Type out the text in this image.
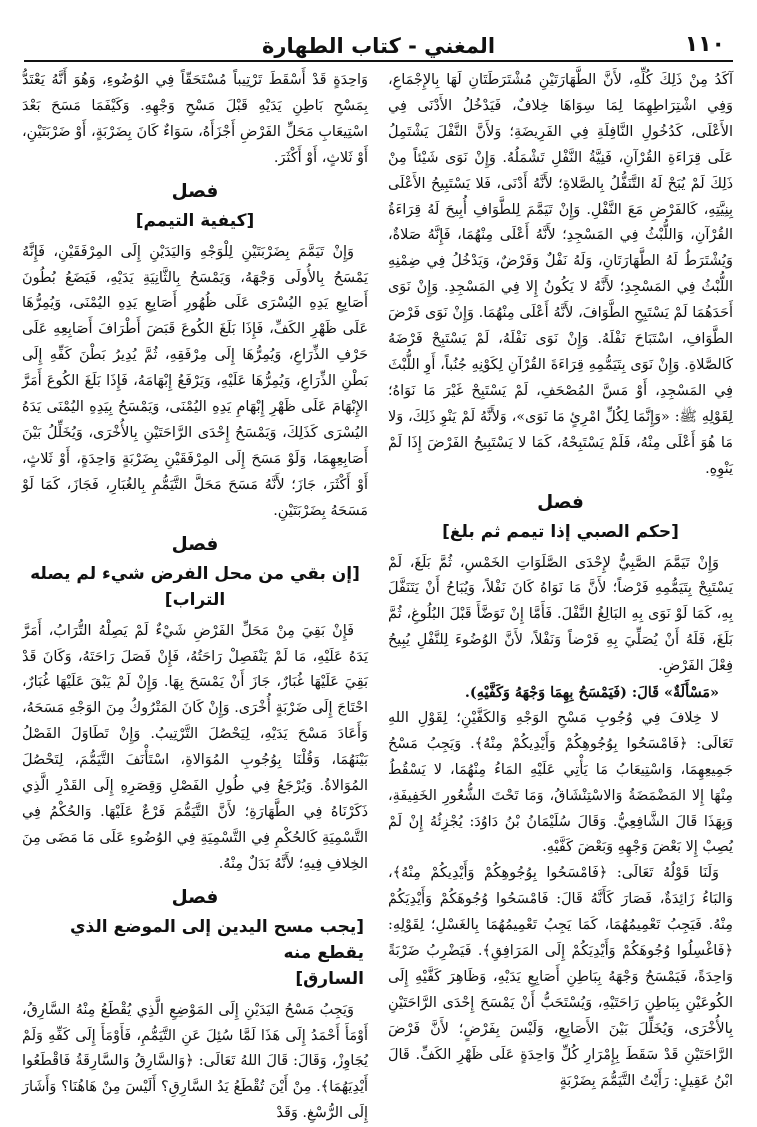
١١٠
المغني - كتاب الطهارة

آكَدُ مِنْ ذَلِكَ كُلِّهِ، لأَنَّ الطَّهَارَتَيْنِ مُشْتَرَطَتَانِ لَهَا بِالإِجْمَاعِ، وَفِي اشْتِرَاطِهِمَا لِمَا سِوَاهَا خِلافٌ، فَيَدْخُلُ الأَدْنَى فِي الأَعْلَى، كَدُخُولِ النَّافِلَةِ فِي الفَرِيضَةِ؛ وَلأَنَّ النَّفْلَ يَشْتَمِلُ عَلَى قِرَاءَةِ القُرْآنِ، فَنِيَّةُ النَّفْلِ تَشْمَلُهُ. وَإِنْ نَوَى شَيْئاً مِنْ ذَلِكَ لَمْ يُبَحْ لَهُ التَّنَفُّلُ بِالصَّلاةِ؛ لأَنَّهُ أَدْنَى، فَلا يَسْتَبِيحُ الأَعْلَى بِنِيَّتِهِ، كَالفَرْضِ مَعَ النَّفْلِ. وَإِنْ تَيَمَّمَ لِلطَّوَافِ أُبِيحَ لَهُ قِرَاءَةُ القُرْآنِ، وَاللُّبْثُ فِي المَسْجِدِ؛ لأَنَّهُ أَعْلَى مِنْهُمَا، فَإِنَّهُ صَلاةٌ، وَيُشْتَرَطُ لَهُ الطَّهَارَتَانِ، وَلَهُ نَفْلٌ وَفَرْضٌ، وَيَدْخُلُ فِي ضِمْنِهِ اللُّبْثُ فِي المَسْجِدِ؛ لأَنَّهُ لا يَكُونُ إِلا فِي المَسْجِدِ. وَإِنْ نَوَى أَحَدَهُمَا لَمْ يَسْتَبِحِ الطَّوَافَ، لأَنَّهُ أَعْلَى مِنْهُمَا. وَإِنْ نَوَى فَرْضَ الطَّوَافِ، اسْتَبَاحَ نَفْلَهُ. وَإِنْ نَوَى نَفْلَهُ، لَمْ يَسْتَبِحْ فَرْضَهُ كَالصَّلاةِ. وَإِنْ نَوَى بِتَيَمُّمِهِ قِرَاءَةَ القُرْآنِ لِكَوْنِهِ جُنُباً، أَوِ اللُّبْثَ فِي المَسْجِدِ، أَوْ مَسَّ المُصْحَفِ، لَمْ يَسْتَبِحْ غَيْرَ مَا نَوَاهُ؛ لِقَوْلِهِ ﷺ: «وَإِنَّمَا لِكُلِّ امْرِئٍ مَا نَوَى»، وَلأَنَّهُ لَمْ يَنْوِ ذَلِكَ، وَلا مَا هُوَ أَعْلَى مِنْهُ، فَلَمْ يَسْتَبِحْهُ، كَمَا لا يَسْتَبِيحُ الفَرْضَ إِذَا لَمْ يَنْوِهِ.

فصل
[حكم الصبي إذا تيمم ثم بلغ]

وَإِنْ تَيَمَّمَ الصَّبِيُّ لإِحْدَى الصَّلَوَاتِ الخَمْسِ، ثُمَّ بَلَغَ، لَمْ يَسْتَبِحْ بِتَيَمُّمِهِ فَرْضاً؛ لأَنَّ مَا نَوَاهُ كَانَ نَفْلاً، وَيُبَاحُ أَنْ يَتَنَفَّلَ بِهِ، كَمَا لَوْ نَوَى بِهِ البَالِغُ النَّفْلَ. فَأَمَّا إِنْ تَوَضَّأَ قَبْلَ البُلُوغِ، ثُمَّ بَلَغَ، فَلَهُ أَنْ يُصَلِّيَ بِهِ فَرْضاً وَنَفْلاً، لأَنَّ الوُضُوءَ لِلنَّفْلِ يُبِيحُ فِعْلَ الفَرْضِ.

«مَسْأَلَةٌ» قَالَ: (فَيَمْسَحُ بِهِمَا وَجْهَهُ وَكَفَّيْهِ).

لا خِلافَ فِي وُجُوبِ مَسْحِ الوَجْهِ وَالكَفَّيْنِ؛ لِقَوْلِ اللهِ تَعَالَى: ﴿فَامْسَحُوا بِوُجُوهِكُمْ وَأَيْدِيكُمْ مِنْهُ﴾. وَيَجِبُ مَسْحُ جَمِيعِهِمَا، وَاسْتِيعَابُ مَا يَأْتِي عَلَيْهِ المَاءُ مِنْهُمَا، لا يَسْقُطُ مِنْهَا إِلا المَضْمَضَةُ وَالاسْتِنْشَاقُ، وَمَا تَحْتَ الشُّعُورِ الخَفِيفَةِ، وَبِهَذَا قَالَ الشَّافِعِيُّ. وَقَالَ سُلَيْمَانُ بْنُ دَاوُدَ: يُجْزِئُهُ إِنْ لَمْ يُصِبْ إِلا بَعْضَ وَجْهِهِ وَبَعْضَ كَفَّيْهِ.

وَلَنَا قَوْلُهُ تَعَالَى: ﴿فَامْسَحُوا بِوُجُوهِكُمْ وَأَيْدِيكُمْ مِنْهُ﴾، وَالبَاءُ زَائِدَةٌ، فَصَارَ كَأَنَّهُ قَالَ: فَامْسَحُوا وُجُوهَكُمْ وَأَيْدِيَكُمْ مِنْهُ. فَيَجِبُ تَعْمِيمُهُمَا، كَمَا يَجِبُ تَعْمِيمُهُمَا بِالغَسْلِ؛ لِقَوْلِهِ: ﴿فَاغْسِلُوا وُجُوهَكُمْ وَأَيْدِيَكُمْ إِلَى المَرَافِقِ﴾. فَيَضْرِبُ ضَرْبَةً وَاحِدَةً، فَيَمْسَحُ وَجْهَهُ بِبَاطِنِ أَصَابِعِ يَدَيْهِ، وَظَاهِرَ كَفَّيْهِ إِلَى الكُوعَيْنِ بِبَاطِنِ رَاحَتَيْهِ، وَيُسْتَحَبُّ أَنْ يَمْسَحَ إِحْدَى الرَّاحَتَيْنِ بِالأُخْرَى، وَيُخَلِّلَ بَيْنَ الأَصَابِعِ، وَلَيْسَ بِفَرْضٍ؛ لأَنَّ فَرْضَ الرَّاحَتَيْنِ قَدْ سَقَطَ بِإِمْرَارِ كُلِّ وَاحِدَةٍ عَلَى ظَهْرِ الكَفِّ. قَالَ ابْنُ عَقِيلٍ: رَأَيْتُ التَّيَمُّمَ بِضَرْبَةٍ

وَاحِدَةٍ قَدْ أَسْقَطَ تَرْتِيباً مُسْتَحَقّاً فِي الوُضُوءِ، وَهُوَ أَنَّهُ يَعْتَدُّ بِمَسْحِ بَاطِنِ يَدَيْهِ قَبْلَ مَسْحِ وَجْهِهِ. وَكَيْفَمَا مَسَحَ بَعْدَ اسْتِيعَابِ مَحَلِّ الفَرْضِ أَجْزَأَهُ، سَوَاءٌ كَانَ بِضَرْبَةٍ، أَوْ ضَرْبَتَيْنِ، أَوْ ثَلاثٍ، أَوْ أَكْثَرَ.

فصل
[كيفية التيمم]

وَإِنْ تَيَمَّمَ بِضَرْبَتَيْنِ لِلْوَجْهِ وَاليَدَيْنِ إِلَى المِرْفَقَيْنِ، فَإِنَّهُ يَمْسَحُ بِالأُولَى وَجْهَهُ، وَيَمْسَحُ بِالثَّانِيَةِ يَدَيْهِ، فَيَضَعُ بُطُونَ أَصَابِعِ يَدِهِ اليُسْرَى عَلَى ظُهُورِ أَصَابِعِ يَدِهِ اليُمْنَى، وَيُمِرُّهَا عَلَى ظَهْرِ الكَفِّ، فَإِذَا بَلَغَ الكُوعَ قَبَضَ أَطْرَافَ أَصَابِعِهِ عَلَى حَرْفِ الذِّرَاعِ، وَيُمِرُّهَا إِلَى مِرْفَقِهِ، ثُمَّ يُدِيرُ بَطْنَ كَفِّهِ إِلَى بَطْنِ الذِّرَاعِ، وَيُمِرُّهَا عَلَيْهِ، وَيَرْفَعُ إِبْهَامَهُ، فَإِذَا بَلَغَ الكُوعَ أَمَرَّ الإِبْهَامَ عَلَى ظَهْرِ إِبْهَامِ يَدِهِ اليُمْنَى، وَيَمْسَحُ بِيَدِهِ اليُمْنَى يَدَهُ اليُسْرَى كَذَلِكَ، وَيَمْسَحُ إِحْدَى الرَّاحَتَيْنِ بِالأُخْرَى، وَيُخَلِّلُ بَيْنَ أَصَابِعِهِمَا، وَلَوْ مَسَحَ إِلَى المِرْفَقَيْنِ بِضَرْبَةٍ وَاحِدَةٍ، أَوْ ثَلاثٍ، أَوْ أَكْثَرَ، جَازَ؛ لأَنَّهُ مَسَحَ مَحَلَّ التَّيَمُّمِ بِالغُبَارِ، فَجَازَ، كَمَا لَوْ مَسَحَهُ بِضَرْبَتَيْنِ.

فصل
[إن بقي من محل الفرض شيء لم يصله التراب]

فَإِنْ بَقِيَ مِنْ مَحَلِّ الفَرْضِ شَيْءٌ لَمْ يَصِلْهُ التُّرَابُ، أَمَرَّ يَدَهُ عَلَيْهِ، مَا لَمْ يَنْفَصِلْ رَاحَتُهُ، فَإِنْ فَصَلَ رَاحَتَهُ، وَكَانَ قَدْ بَقِيَ عَلَيْهَا غُبَارٌ، جَازَ أَنْ يَمْسَحَ بِهَا. وَإِنْ لَمْ يَبْقَ عَلَيْهَا غُبَارٌ، احْتَاجَ إِلَى ضَرْبَةٍ أُخْرَى. وَإِنْ كَانَ المَتْرُوكُ مِنَ الوَجْهِ مَسَحَهُ، وَأَعَادَ مَسْحَ يَدَيْهِ، لِيَحْصُلَ التَّرْتِيبُ. وَإِنْ تَطَاوَلَ الفَصْلُ بَيْنَهُمَا، وَقُلْنَا بِوُجُوبِ المُوَالاةِ، اسْتَأْنَفَ التَّيَمُّمَ، لِتَحْصُلَ المُوَالاةُ. وَيُرْجَعُ فِي طُولِ الفَصْلِ وَقِصَرِهِ إِلَى القَدْرِ الَّذِي ذَكَرْنَاهُ فِي الطَّهَارَةِ؛ لأَنَّ التَّيَمُّمَ فَرْعٌ عَلَيْهَا. وَالحُكْمُ فِي التَّسْمِيَةِ كَالحُكْمِ فِي التَّسْمِيَةِ فِي الوُضُوءِ عَلَى مَا مَضَى مِنَ الخِلافِ فِيهِ؛ لأَنَّهُ بَدَلٌ مِنْهُ.

فصل
[يجب مسح اليدين إلى الموضع الذي يقطع منه
السارق]

وَيَجِبُ مَسْحُ اليَدَيْنِ إِلَى المَوْضِعِ الَّذِي يُقْطَعُ مِنْهُ السَّارِقُ، أَوْمَأَ أَحْمَدُ إِلَى هَذَا لَمَّا سُئِلَ عَنِ التَّيَمُّمِ، فَأَوْمَأَ إِلَى كَفِّهِ وَلَمْ يُجَاوِزْ، وَقَالَ: قَالَ اللهُ تَعَالَى: ﴿وَالسَّارِقُ وَالسَّارِقَةُ فَاقْطَعُوا أَيْدِيَهُمَا﴾. مِنْ أَيْنَ تُقْطَعُ يَدُ السَّارِقِ؟ أَلَيْسَ مِنْ هَاهُنَا؟ وَأَشَارَ إِلَى الرُّسْغِ. وَقَدْ
